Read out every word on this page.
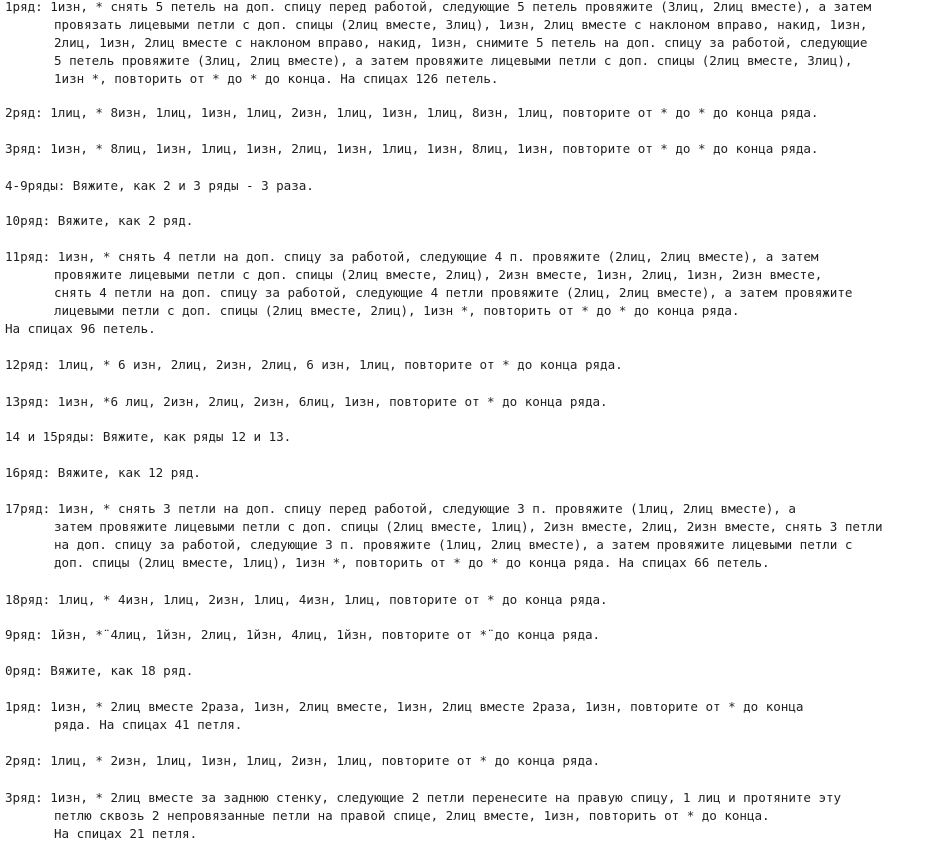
1ряд: 1изн, * снять 5 петель на доп. спицу перед работой, следующие 5 петель провяжите (3лиц, 2лиц вместе), а затем
провязать лицевыми петли с доп. спицы (2лиц вместе, 3лиц), 1изн, 2лиц вместе с наклоном вправо, накид, 1изн,
2лиц, 1изн, 2лиц вместе с наклоном вправо, накид, 1изн, снимите 5 петель на доп. спицу за работой, следующие
5 петель провяжите (3лиц, 2лиц вместе), а затем провяжите лицевыми петли с доп. спицы (2лиц вместе, 3лиц),
1изн *, повторить от * до * до конца. На спицах 126 петель.
2ряд: 1лиц, * 8изн, 1лиц, 1изн, 1лиц, 2изн, 1лиц, 1изн, 1лиц, 8изн, 1лиц, повторите от * до * до конца ряда.
3ряд: 1изн, * 8лиц, 1изн, 1лиц, 1изн, 2лиц, 1изн, 1лиц, 1изн, 8лиц, 1изн, повторите от * до * до конца ряда.
4-9ряды: Вяжите, как 2 и 3 ряды - 3 раза.
10ряд: Вяжите, как 2 ряд.
11ряд: 1изн, * снять 4 петли на доп. спицу за работой, следующие 4 п. провяжите (2лиц, 2лиц вместе), а затем
провяжите лицевыми петли с доп. спицы (2лиц вместе, 2лиц), 2изн вместе, 1изн, 2лиц, 1изн, 2изн вместе,
снять 4 петли на доп. спицу за работой, следующие 4 петли провяжите (2лиц, 2лиц вместе), а затем провяжите
лицевыми петли с доп. спицы (2лиц вместе, 2лиц), 1изн *, повторить от * до * до конца ряда.
На спицах 96 петель.
12ряд: 1лиц, * 6 изн, 2лиц, 2изн, 2лиц, 6 изн, 1лиц, повторите от * до конца ряда.
13ряд: 1изн, *6 лиц, 2изн, 2лиц, 2изн, 6лиц, 1изн, повторите от * до конца ряда.
14 и 15ряды: Вяжите, как ряды 12 и 13.
16ряд: Вяжите, как 12 ряд.
17ряд: 1изн, * снять 3 петли на доп. спицу перед работой, следующие 3 п. провяжите (1лиц, 2лиц вместе), а
затем провяжите лицевыми петли с доп. спицы (2лиц вместе, 1лиц), 2изн вместе, 2лиц, 2изн вместе, снять 3 петли
на доп. спицу за работой, следующие 3 п. провяжите (1лиц, 2лиц вместе), а затем провяжите лицевыми петли с
доп. спицы (2лиц вместе, 1лиц), 1изн *, повторить от * до * до конца ряда. На спицах 66 петель.
18ряд: 1лиц, * 4изн, 1лиц, 2изн, 1лиц, 4изн, 1лиц, повторите от * до конца ряда.
9ряд: 1йзн, *¨4лиц, 1йзн, 2лиц, 1йзн, 4лиц, 1йзн, повторите от *¨до конца ряда.
0ряд: Вяжите, как 18 ряд.
1ряд: 1изн, * 2лиц вместе 2раза, 1изн, 2лиц вместе, 1изн, 2лиц вместе 2раза, 1изн, повторите от * до конца
ряда. На спицах 41 петля.
2ряд: 1лиц, * 2изн, 1лиц, 1изн, 1лиц, 2изн, 1лиц, повторите от * до конца ряда.
3ряд: 1изн, * 2лиц вместе за заднюю стенку, следующие 2 петли перенесите на правую спицу, 1 лиц и протяните эту
петлю сквозь 2 непровязанные петли на правой спице, 2лиц вместе, 1изн, повторить от * до конца.
На спицах 21 петля.
